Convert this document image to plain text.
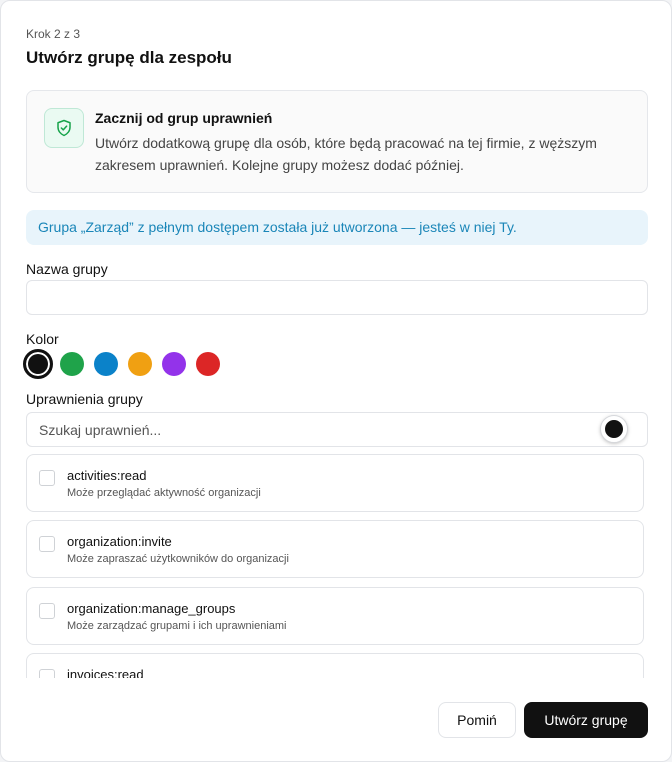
Krok 2 z 3
Utwórz grupę dla zespołu
Zacznij od grup uprawnień
Utwórz dodatkową grupę dla osób, które będą pracować na tej firmie, z węższym zakresem uprawnień. Kolejne grupy możesz dodać później.
Grupa „Zarząd” z pełnym dostępem została już utworzona — jesteś w niej Ty.
Nazwa grupy
Kolor
Uprawnienia grupy
Szukaj uprawnień...
activities:read
Może przeglądać aktywność organizacji
organization:invite
Może zapraszać użytkowników do organizacji
organization:manage_groups
Może zarządzać grupami i ich uprawnieniami
invoices:read
Pomiń	Utwórz grupę
